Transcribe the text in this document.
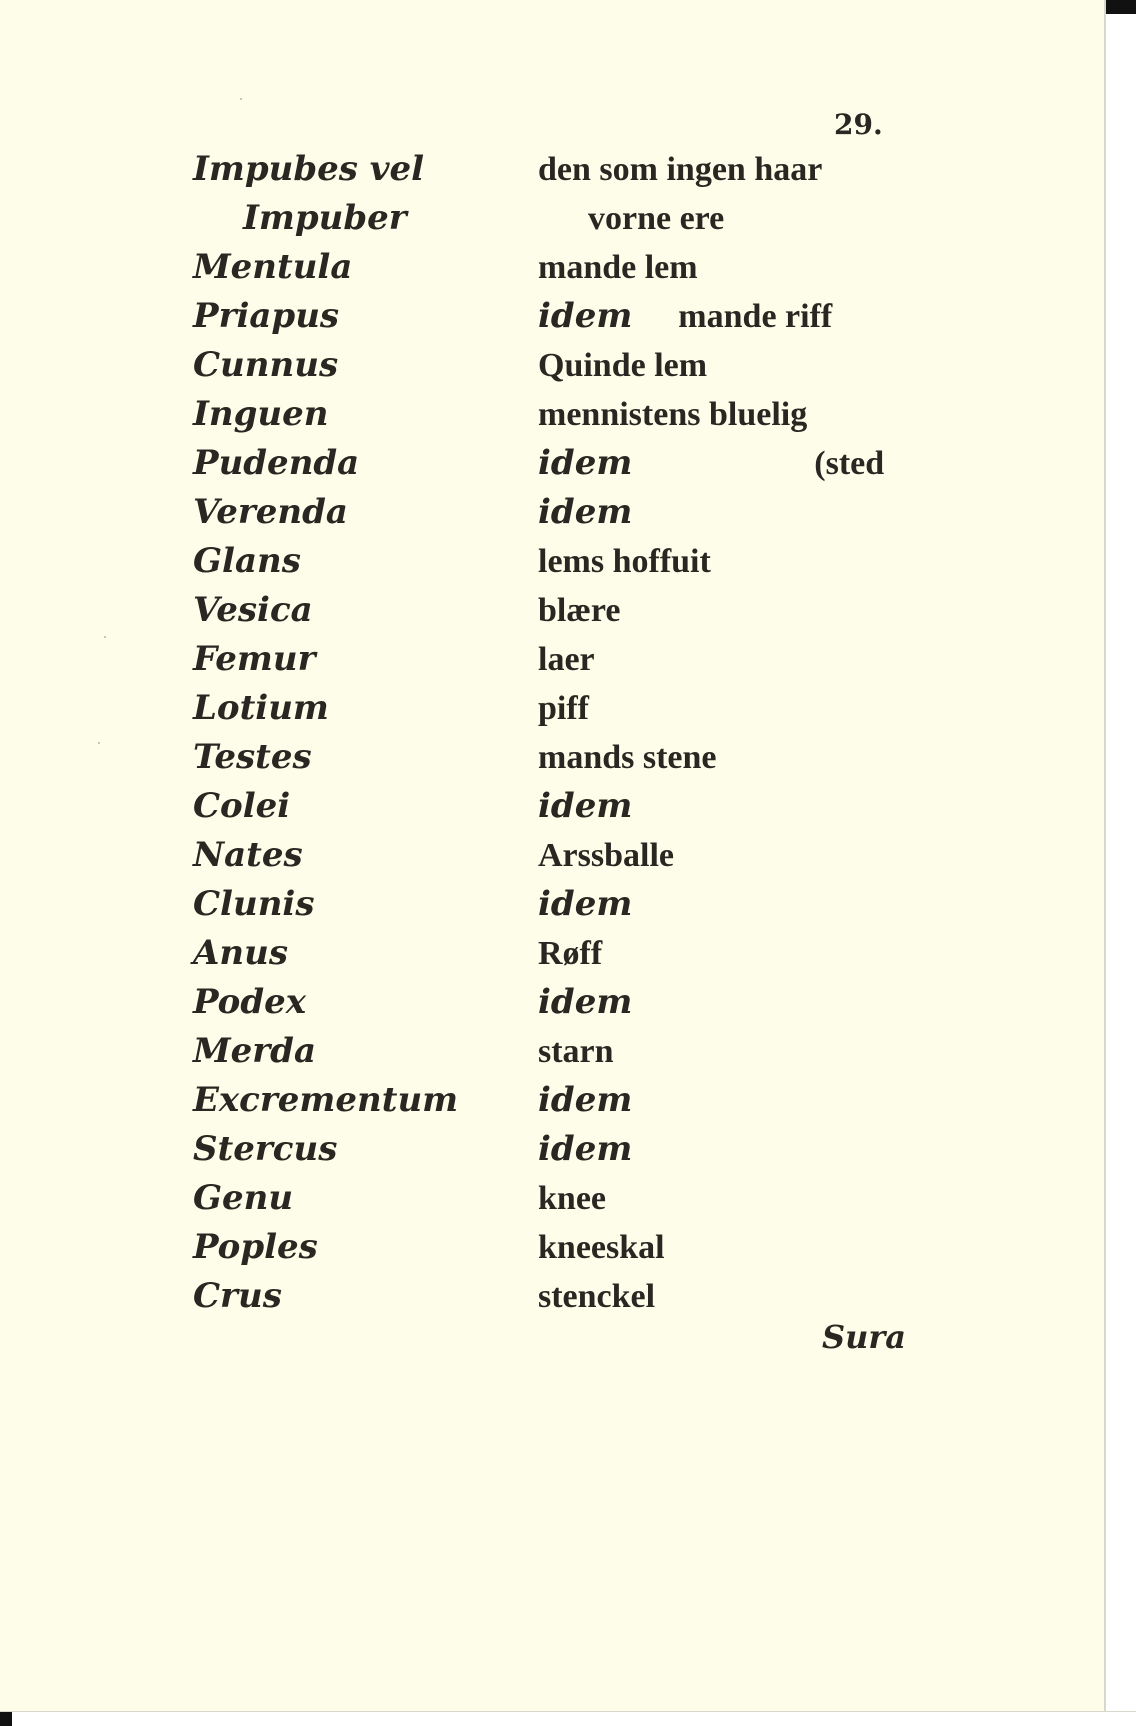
29.
Impubes vel
Impuber
Mentula
Priapus
Cunnus
Inguen
Pudenda
Verenda
Glans
Vesica
Femur
Lotium
Testes
Colei
Nates
Clunis
Anus
Podex
Merda
Excrementum
Stercus
Genu
Poples
Crus
den som ingen haar
vorne ere
mande lem
idem mande riff
Quinde lem
mennistens bluelig
idem	(sted
idem
lems hoffuit
blære
laer
piff
mands stene
idem
Arssballe
idem
Røff
idem
starn
idem
idem
knee
kneeskal
stenckel
Sura
